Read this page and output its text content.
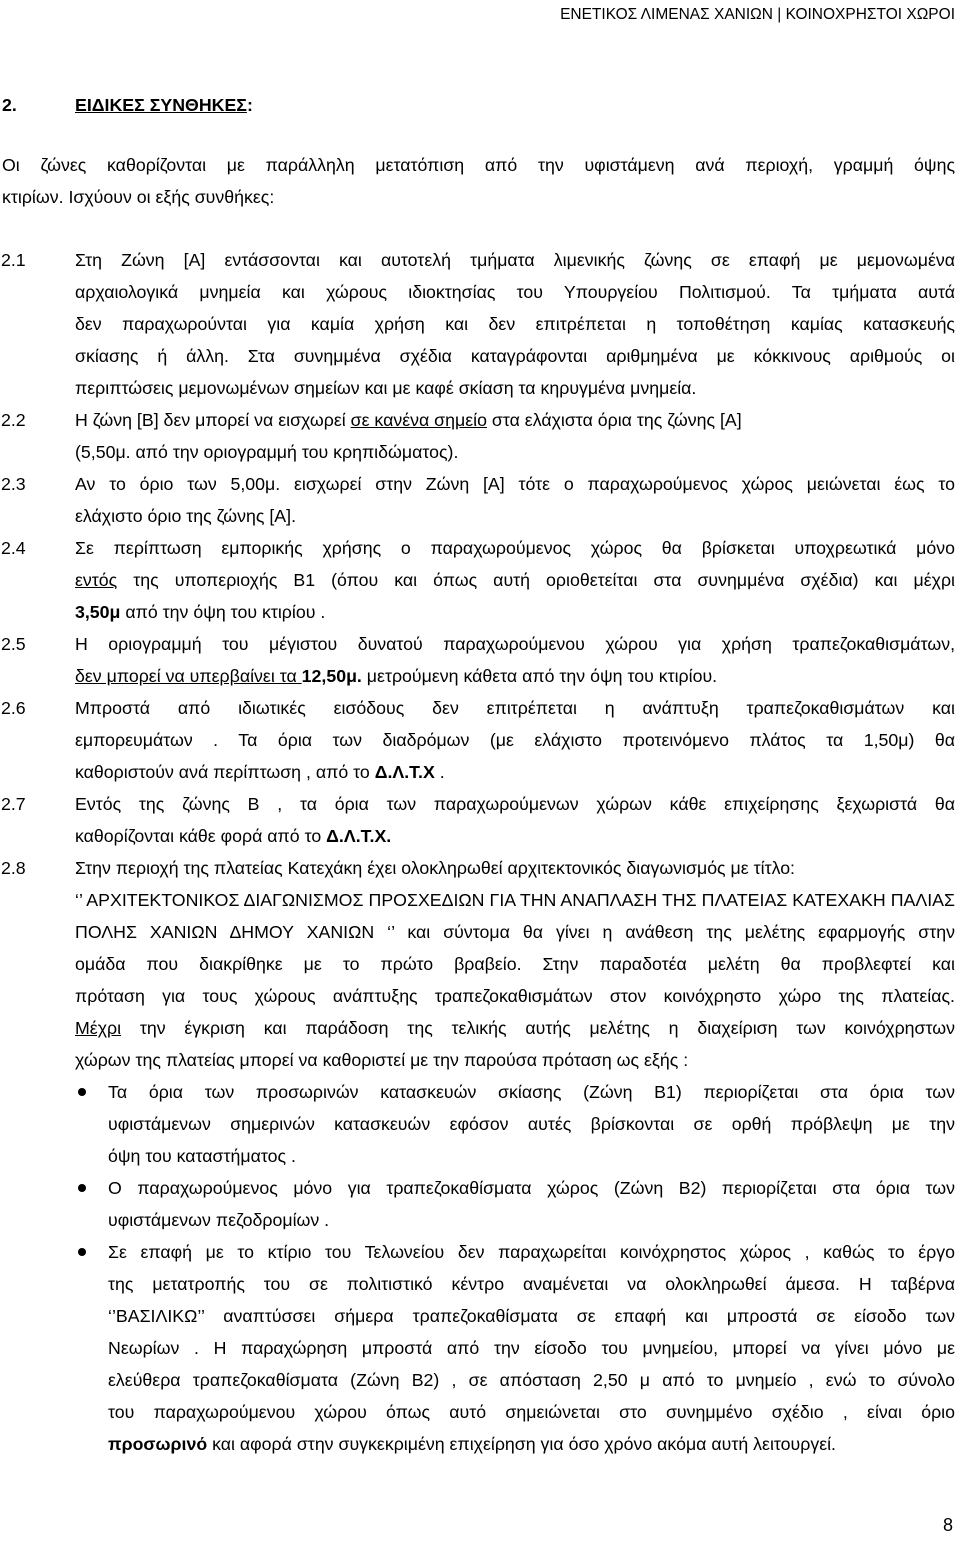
ΕΝΕΤΙΚΟΣ ΛΙΜΕΝΑΣ ΧΑΝΙΩΝ | ΚΟΙΝΟΧΡΗΣΤΟΙ ΧΩΡΟΙ
2.	ΕΙΔΙΚΕΣ ΣΥΝΘΗΚΕΣ:
Οι ζώνες καθορίζονται με παράλληλη μετατόπιση από την υφιστάμενη ανά περιοχή, γραμμή όψης
κτιρίων. Ισχύουν οι εξής συνθήκες:
2.1	Στη Ζώνη [Α] εντάσσονται και αυτοτελή τμήματα λιμενικής ζώνης σε επαφή με μεμονωμένα
αρχαιολογικά μνημεία και χώρους ιδιοκτησίας του Υπουργείου Πολιτισμού. Τα τμήματα αυτά
δεν παραχωρούνται για καμία χρήση και δεν επιτρέπεται η τοποθέτηση καμίας κατασκευής
σκίασης ή άλλη. Στα συνημμένα σχέδια καταγράφονται αριθμημένα με κόκκινους αριθμούς οι
περιπτώσεις μεμονωμένων σημείων και με καφέ σκίαση τα κηρυγμένα μνημεία.
2.2	Η ζώνη [Β] δεν μπορεί να εισχωρεί σε κανένα σημείο στα ελάχιστα όρια της ζώνης [Α]
(5,50μ. από την οριογραμμή του κρηπιδώματος).
2.3	Αν το όριο των 5,00μ. εισχωρεί στην Ζώνη [Α] τότε ο παραχωρούμενος χώρος μειώνεται έως το
ελάχιστο όριο της ζώνης [Α].
2.4	Σε περίπτωση εμπορικής χρήσης ο παραχωρούμενος χώρος θα βρίσκεται υποχρεωτικά μόνο
εντός της υποπεριοχής Β1 (όπου και όπως αυτή οριοθετείται στα συνημμένα σχέδια) και μέχρι
3,50μ από την όψη του κτιρίου .
2.5	Η οριογραμμή του μέγιστου δυνατού παραχωρούμενου χώρου για χρήση τραπεζοκαθισμάτων,
δεν μπορεί να υπερβαίνει τα 12,50μ. μετρούμενη κάθετα από την όψη του κτιρίου.
2.6	Μπροστά από ιδιωτικές εισόδους δεν επιτρέπεται η ανάπτυξη τραπεζοκαθισμάτων και
εμπορευμάτων . Τα όρια των διαδρόμων (με ελάχιστο προτεινόμενο πλάτος τα 1,50μ) θα
καθοριστούν ανά περίπτωση , από το Δ.Λ.Τ.Χ .
2.7	Εντός της ζώνης Β , τα όρια των παραχωρούμενων χώρων κάθε επιχείρησης ξεχωριστά θα
καθορίζονται κάθε φορά από το Δ.Λ.Τ.Χ.
2.8	Στην περιοχή της πλατείας Κατεχάκη έχει ολοκληρωθεί αρχιτεκτονικός διαγωνισμός με τίτλο:
‘’ ΑΡΧΙΤΕΚΤΟΝΙΚΟΣ ΔΙΑΓΩΝΙΣΜΟΣ ΠΡΟΣΧΕΔΙΩΝ ΓΙΑ ΤΗΝ ΑΝΑΠΛΑΣΗ ΤΗΣ ΠΛΑΤΕΙΑΣ ΚΑΤΕΧΑΚΗ ΠΑΛΙΑΣ
ΠΟΛΗΣ ΧΑΝΙΩΝ ΔΗΜΟΥ ΧΑΝΙΩΝ ‘’ και σύντομα θα γίνει η ανάθεση της μελέτης εφαρμογής στην
ομάδα που διακρίθηκε με το πρώτο βραβείο. Στην παραδοτέα μελέτη θα προβλεφτεί και
πρόταση για τους χώρους ανάπτυξης τραπεζοκαθισμάτων στον κοινόχρηστο χώρο της πλατείας.
Μέχρι την έγκριση και παράδοση της τελικής αυτής μελέτης η διαχείριση των κοινόχρηστων
χώρων της πλατείας μπορεί να καθοριστεί με την παρούσα πρόταση ως εξής :
Τα όρια των προσωρινών κατασκευών σκίασης (Ζώνη Β1) περιορίζεται στα όρια των
υφιστάμενων σημερινών κατασκευών εφόσον αυτές βρίσκονται σε ορθή πρόβλεψη με την
όψη του καταστήματος .
Ο παραχωρούμενος μόνο για τραπεζοκαθίσματα χώρος (Ζώνη Β2) περιορίζεται στα όρια των
υφιστάμενων πεζοδρομίων .
Σε επαφή με το κτίριο του Τελωνείου δεν παραχωρείται κοινόχρηστος χώρος , καθώς το έργο
της μετατροπής του σε πολιτιστικό κέντρο αναμένεται να ολοκληρωθεί άμεσα. Η ταβέρνα
‘’ΒΑΣΙΛΙΚΩ’’ αναπτύσσει σήμερα τραπεζοκαθίσματα σε επαφή και μπροστά σε είσοδο των
Νεωρίων . Η παραχώρηση μπροστά από την είσοδο του μνημείου, μπορεί να γίνει μόνο με
ελεύθερα τραπεζοκαθίσματα (Ζώνη Β2) , σε απόσταση 2,50 μ από το μνημείο , ενώ το σύνολο
του παραχωρούμενου χώρου όπως αυτό σημειώνεται στο συνημμένο σχέδιο , είναι όριο
προσωρινό και αφορά στην συγκεκριμένη επιχείρηση για όσο χρόνο ακόμα αυτή λειτουργεί.
8
